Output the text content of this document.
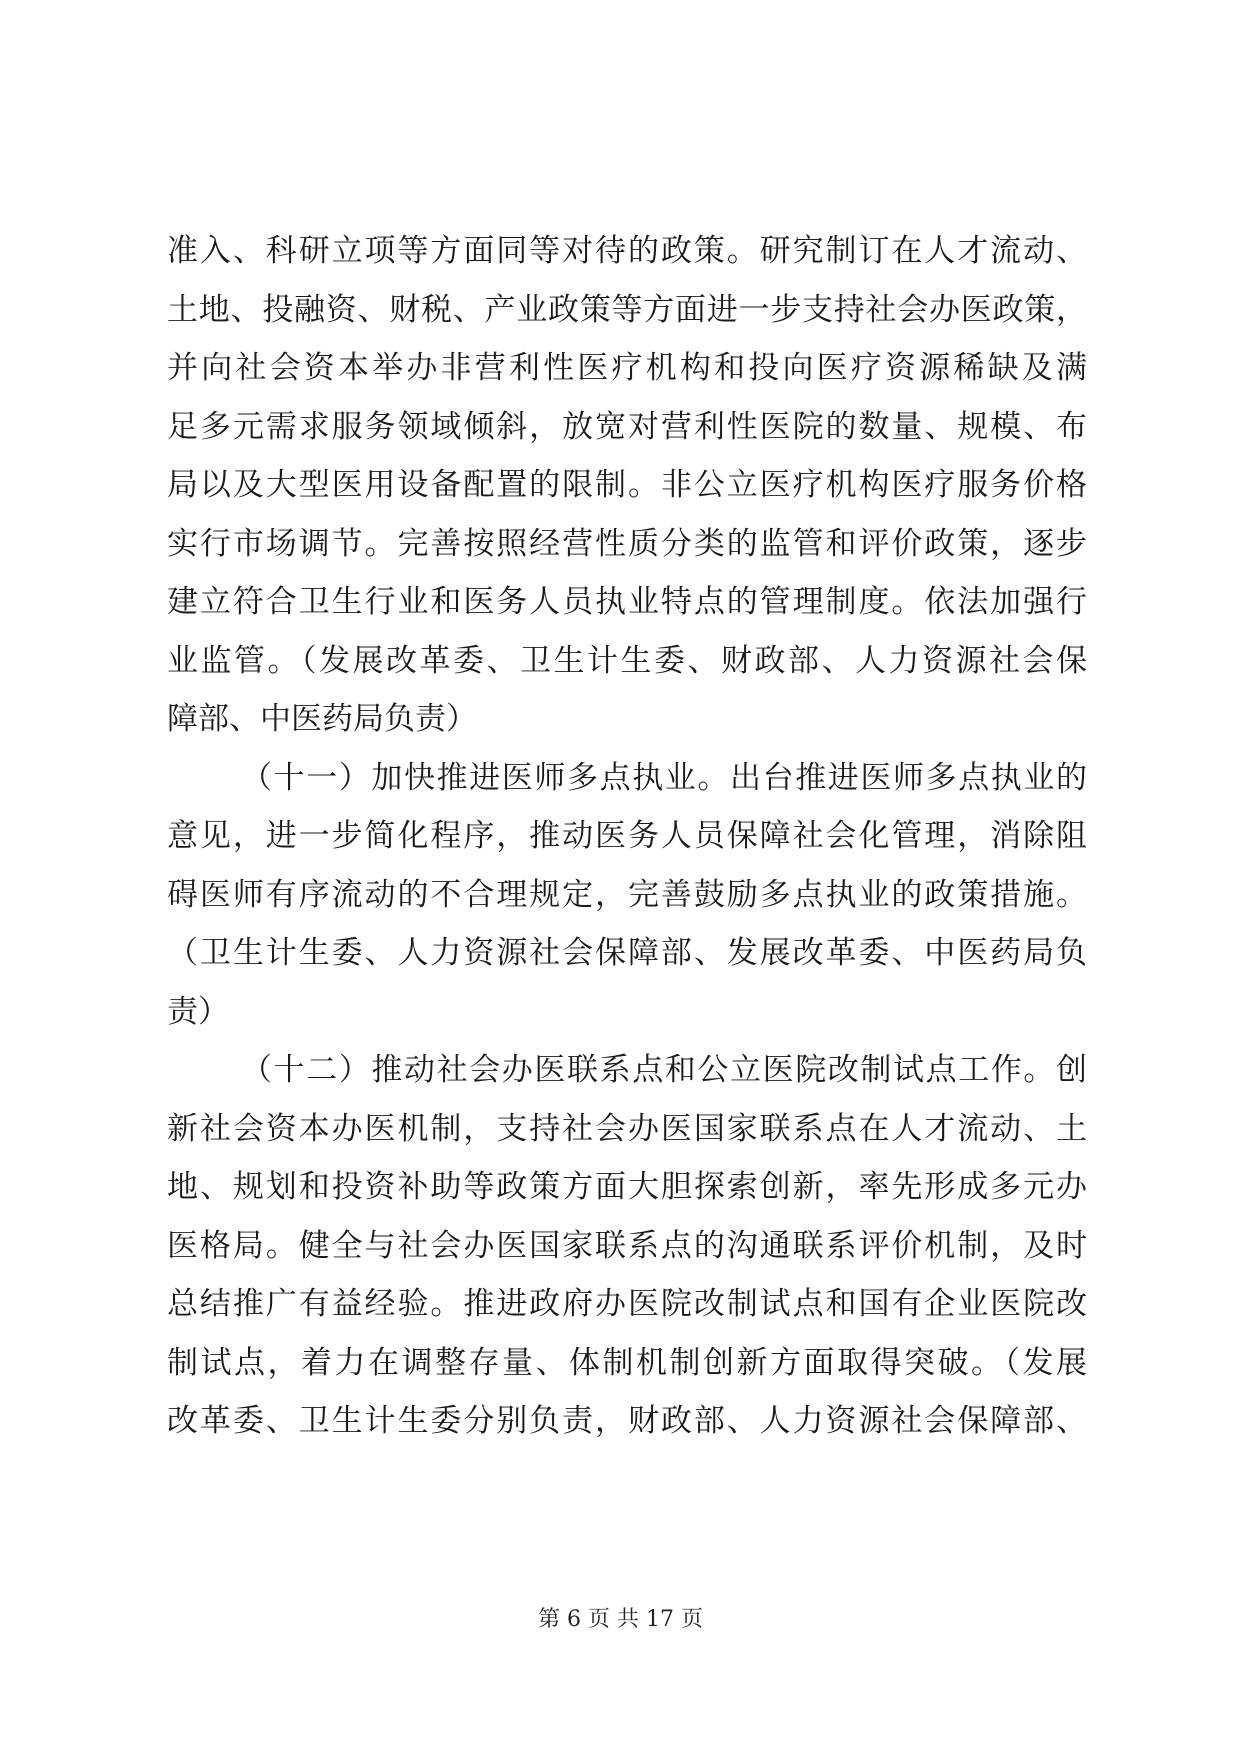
准入、科研立项等方面同等对待的政策。研究制订在人才流动、
土地、投融资、财税、产业政策等方面进一步支持社会办医政策，
并向社会资本举办非营利性医疗机构和投向医疗资源稀缺及满
足多元需求服务领域倾斜，放宽对营利性医院的数量、规模、布
局以及大型医用设备配置的限制。非公立医疗机构医疗服务价格
实行市场调节。完善按照经营性质分类的监管和评价政策，逐步
建立符合卫生行业和医务人员执业特点的管理制度。依法加强行
业监管。（发展改革委、卫生计生委、财政部、人力资源社会保
障部、中医药局负责）
（十一）加快推进医师多点执业。出台推进医师多点执业的
意见，进一步简化程序，推动医务人员保障社会化管理，消除阻
碍医师有序流动的不合理规定，完善鼓励多点执业的政策措施。
（卫生计生委、人力资源社会保障部、发展改革委、中医药局负
责）
（十二）推动社会办医联系点和公立医院改制试点工作。创
新社会资本办医机制，支持社会办医国家联系点在人才流动、土
地、规划和投资补助等政策方面大胆探索创新，率先形成多元办
医格局。健全与社会办医国家联系点的沟通联系评价机制，及时
总结推广有益经验。推进政府办医院改制试点和国有企业医院改
制试点，着力在调整存量、体制机制创新方面取得突破。（发展
改革委、卫生计生委分别负责，财政部、人力资源社会保障部、
第 6 页 共 17 页
